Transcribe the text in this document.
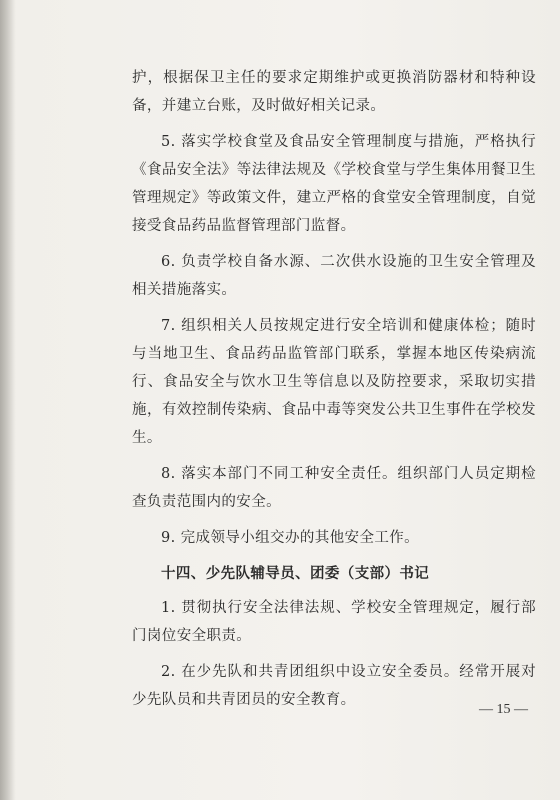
护，根据保卫主任的要求定期维护或更换消防器材和特种设备，并建立台账，及时做好相关记录。

5. 落实学校食堂及食品安全管理制度与措施，严格执行《食品安全法》等法律法规及《学校食堂与学生集体用餐卫生管理规定》等政策文件，建立严格的食堂安全管理制度，自觉接受食品药品监督管理部门监督。

6. 负责学校自备水源、二次供水设施的卫生安全管理及相关措施落实。

7. 组织相关人员按规定进行安全培训和健康体检；随时与当地卫生、食品药品监管部门联系，掌握本地区传染病流行、食品安全与饮水卫生等信息以及防控要求，采取切实措施，有效控制传染病、食品中毒等突发公共卫生事件在学校发生。

8. 落实本部门不同工种安全责任。组织部门人员定期检查负责范围内的安全。

9. 完成领导小组交办的其他安全工作。

十四、少先队辅导员、团委（支部）书记

1. 贯彻执行安全法律法规、学校安全管理规定，履行部门岗位安全职责。

2. 在少先队和共青团组织中设立安全委员。经常开展对少先队员和共青团员的安全教育。

— 15 —
